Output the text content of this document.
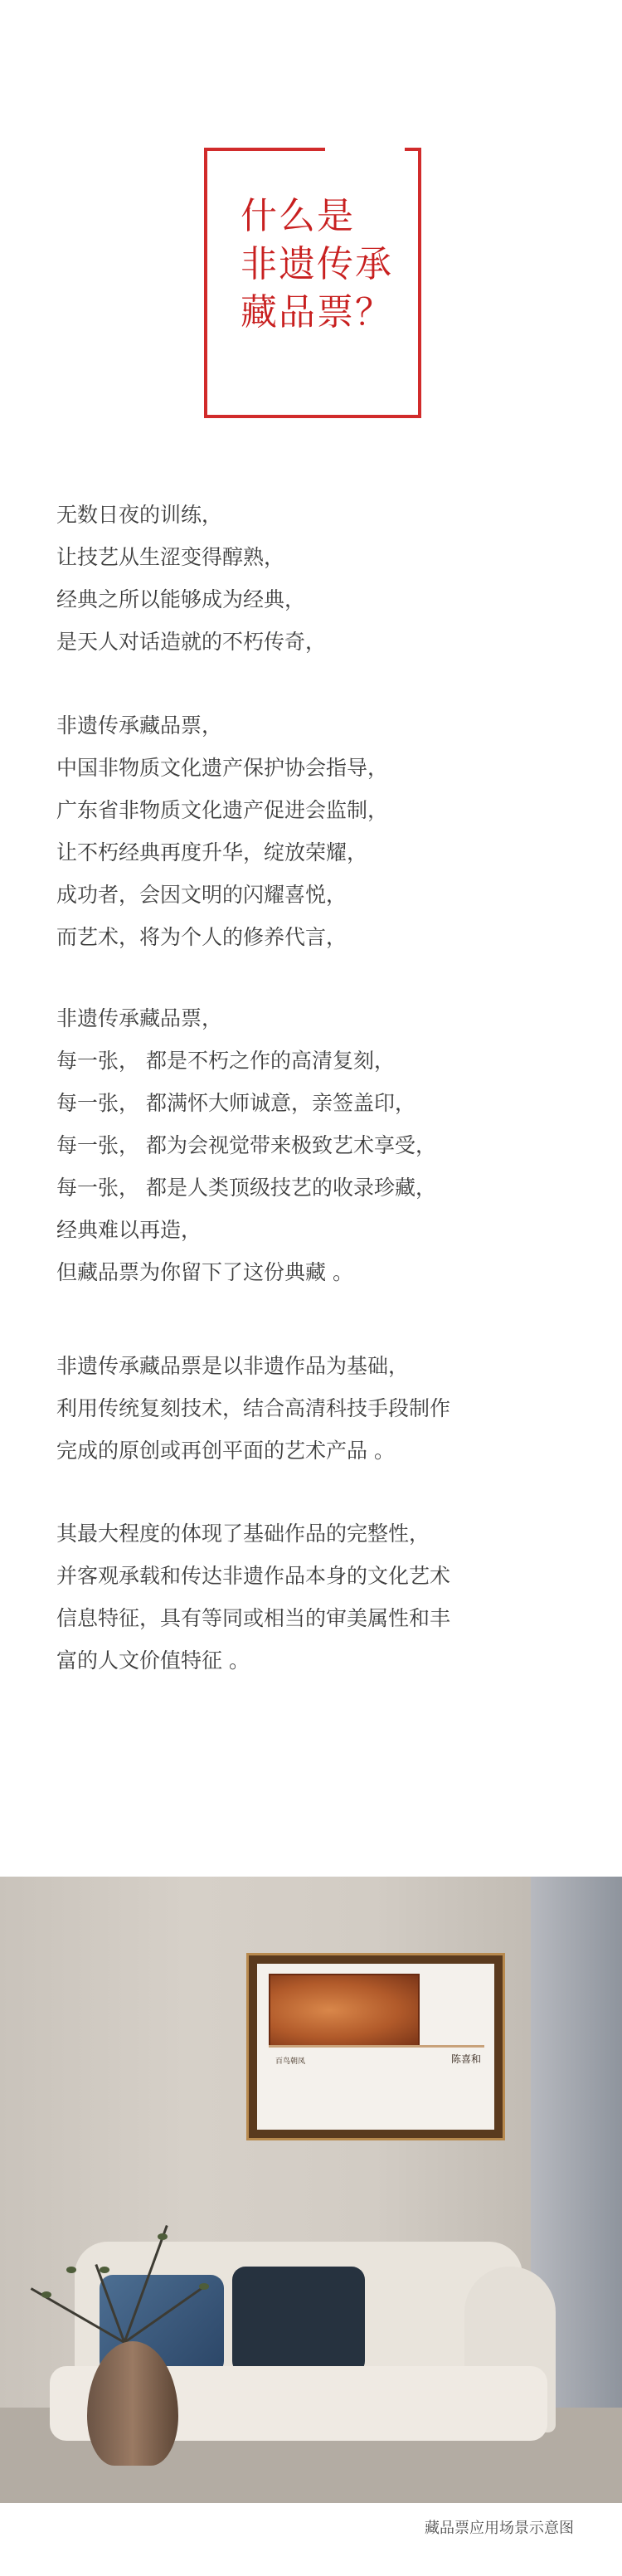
什么是
非遗传承
藏品票？
无数日夜的训练，
让技艺从生涩变得醇熟，
经典之所以能够成为经典，
是天人对话造就的不朽传奇，
非遗传承藏品票，
中国非物质文化遗产保护协会指导，
广东省非物质文化遗产促进会监制，
让不朽经典再度升华，绽放荣耀，
成功者，会因文明的闪耀喜悦，
而艺术，将为个人的修养代言，
非遗传承藏品票，
每一张， 都是不朽之作的高清复刻，
每一张， 都满怀大师诚意，亲签盖印，
每一张， 都为会视觉带来极致艺术享受，
每一张， 都是人类顶级技艺的收录珍藏，
经典难以再造，
但藏品票为你留下了这份典藏 。
非遗传承藏品票是以非遗作品为基础，
利用传统复刻技术，结合高清科技手段制作
完成的原创或再创平面的艺术产品 。
其最大程度的体现了基础作品的完整性，
并客观承载和传达非遗作品本身的文化艺术
信息特征，具有等同或相当的审美属性和丰
富的人文价值特征 。
百鸟朝凤	陈喜和
藏品票应用场景示意图
